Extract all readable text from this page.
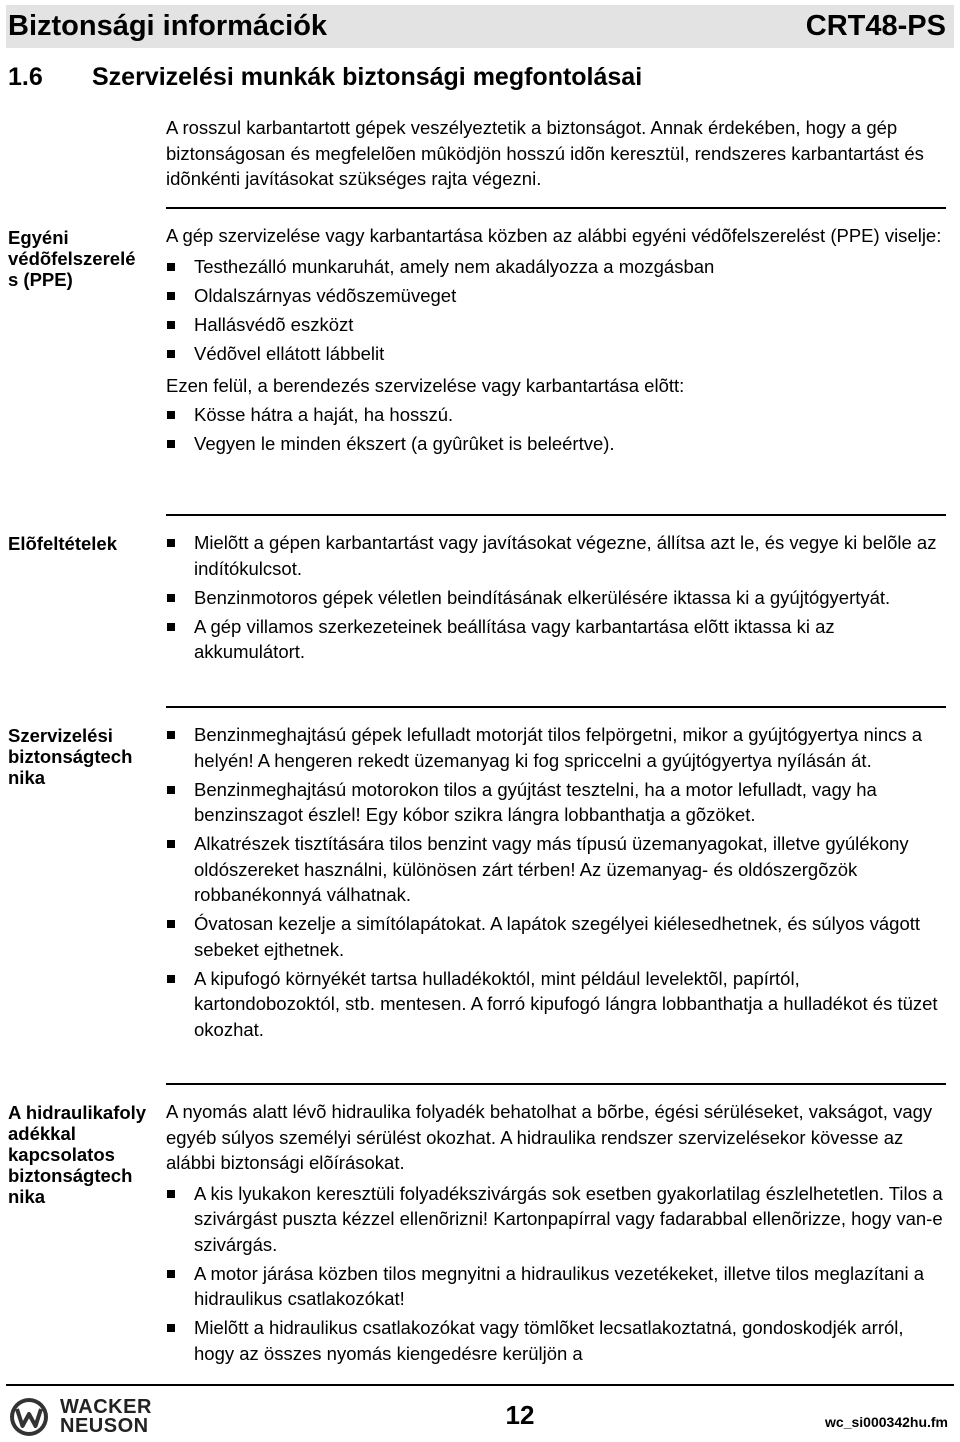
Biztonsági információk	CRT48-PS
1.6 Szervizelési munkák biztonsági megfontolásai
A rosszul karbantartott gépek veszélyeztetik a biztonságot. Annak érdekében, hogy a gép biztonságosan és megfelelõen mûködjön hosszú idõn keresztül, rendszeres karbantartást és idõnkénti javításokat szükséges rajta végezni.
Egyéni védõfelszerelé s (PPE)

A gép szervizelése vagy karbantartása közben az alábbi egyéni védõfelszerelést (PPE) viselje:

Testhezálló munkaruhát, amely nem akadályozza a mozgásban
Oldalszárnyas védõszemüveget
Hallásvédõ eszközt
Védõvel ellátott lábbelit

Ezen felül, a berendezés szervizelése vagy karbantartása elõtt:

Kösse hátra a haját, ha hosszú.
Vegyen le minden ékszert (a gyûrûket is beleértve).
Elõfeltételek	Mielõtt a gépen karbantartást vagy javításokat végezne, állítsa azt le, és vegye ki belõle az indítókulcsot.
Benzinmotoros gépek véletlen beindításának elkerülésére iktassa ki a gyújtógyertyát.
A gép villamos szerkezeteinek beállítása vagy karbantartása elõtt iktassa ki az akkumulátort.
Szervizelési biztonságtech nika
Benzinmeghajtású gépek lefulladt motorját tilos felpörgetni, mikor a gyújtógyertya nincs a helyén! A hengeren rekedt üzemanyag ki fog spriccelni a gyújtógyertya nyílásán át.
Benzinmeghajtású motorokon tilos a gyújtást tesztelni, ha a motor lefulladt, vagy ha benzinszagot észlel! Egy kóbor szikra lángra lobbanthatja a gõzöket.
Alkatrészek tisztítására tilos benzint vagy más típusú üzemanyagokat, illetve gyúlékony oldószereket használni, különösen zárt térben! Az üzemanyag- és oldószergõzök robbanékonnyá válhatnak.
Óvatosan kezelje a simítólapátokat. A lapátok szegélyei kiélesedhetnek, és súlyos vágott sebeket ejthetnek.
A kipufogó környékét tartsa hulladékoktól, mint például levelektõl, papírtól, kartondobozoktól, stb. mentesen. A forró kipufogó lángra lobbanthatja a hulladékot és tüzet okozhat.
A hidraulikafoly adékkal kapcsolatos biztonságtech nika

A nyomás alatt lévõ hidraulika folyadék behatolhat a bõrbe, égési sérüléseket, vakságot, vagy egyéb súlyos személyi sérülést okozhat. A hidraulika rendszer szervizelésekor kövesse az alábbi biztonsági elõírásokat.

A kis lyukakon keresztüli folyadékszivárgás sok esetben gyakorlatilag észlelhetetlen. Tilos a szivárgást puszta kézzel ellenõrizni! Kartonpapírral vagy fadarabbal ellenõrizze, hogy van-e szivárgás.
A motor járása közben tilos megnyitni a hidraulikus vezetékeket, illetve tilos meglazítani a hidraulikus csatlakozókat!
Mielõtt a hidraulikus csatlakozókat vagy tömlõket lecsatlakoztatná, gondoskodjék arról, hogy az összes nyomás kiengedésre kerüljön a
WACKER
NEUSON	12	wc_si000342hu.fm
